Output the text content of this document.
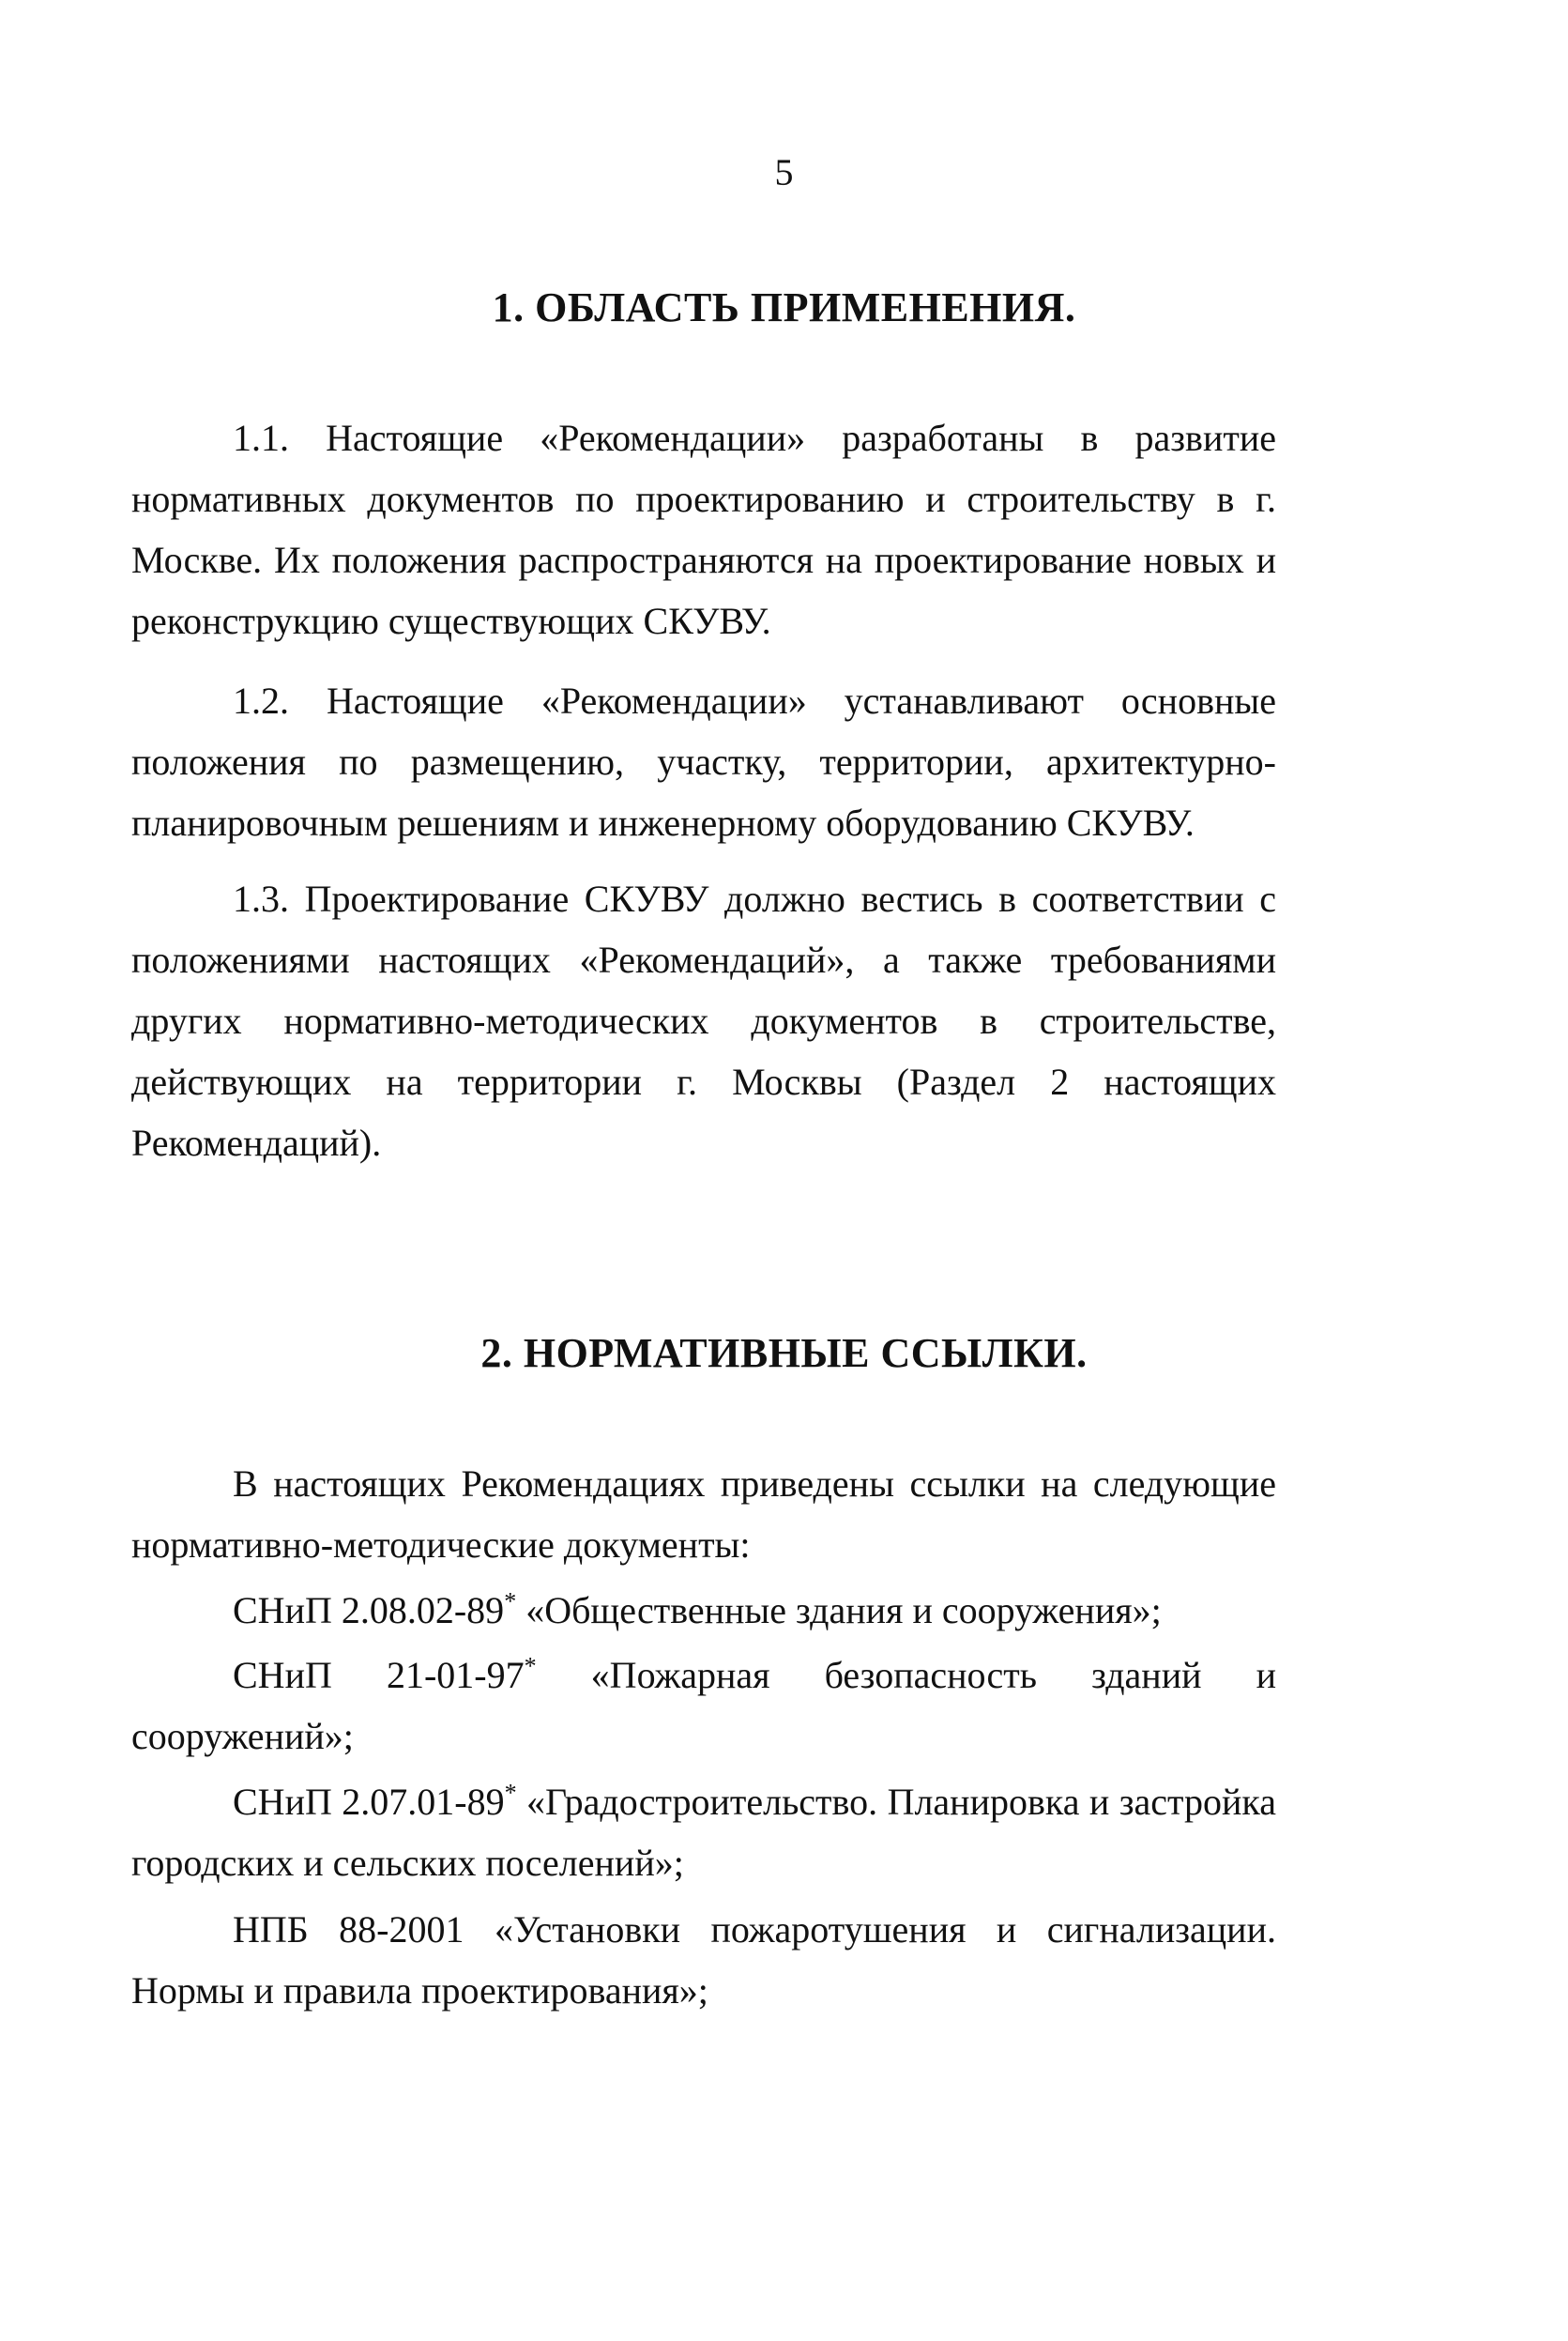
5
1. ОБЛАСТЬ ПРИМЕНЕНИЯ.

1.1. Настоящие «Рекомендации» разработаны в развитие нормативных документов по проектированию и строительству в г. Москве. Их положения распространяются на проектирование новых и реконструкцию существующих СКУВУ.

1.2. Настоящие «Рекомендации» устанавливают основные положения по размещению, участку, территории, архитектурно-планировочным решениям и инженерному оборудованию СКУВУ.

1.3. Проектирование СКУВУ должно вестись в соответствии с положениями настоящих «Рекомендаций», а также требованиями других нормативно-методических документов в строительстве, действующих на территории г. Москвы (Раздел 2 настоящих Рекомендаций).

2. НОРМАТИВНЫЕ ССЫЛКИ.

В настоящих Рекомендациях приведены ссылки на следующие нормативно-методические документы:

СНиП 2.08.02-89* «Общественные здания и сооружения»;

СНиП 21-01-97* «Пожарная безопасность зданий и сооружений»;

СНиП 2.07.01-89* «Градостроительство. Планировка и застройка городских и сельских поселений»;

НПБ 88-2001 «Установки пожаротушения и сигнализации. Нормы и правила проектирования»;
